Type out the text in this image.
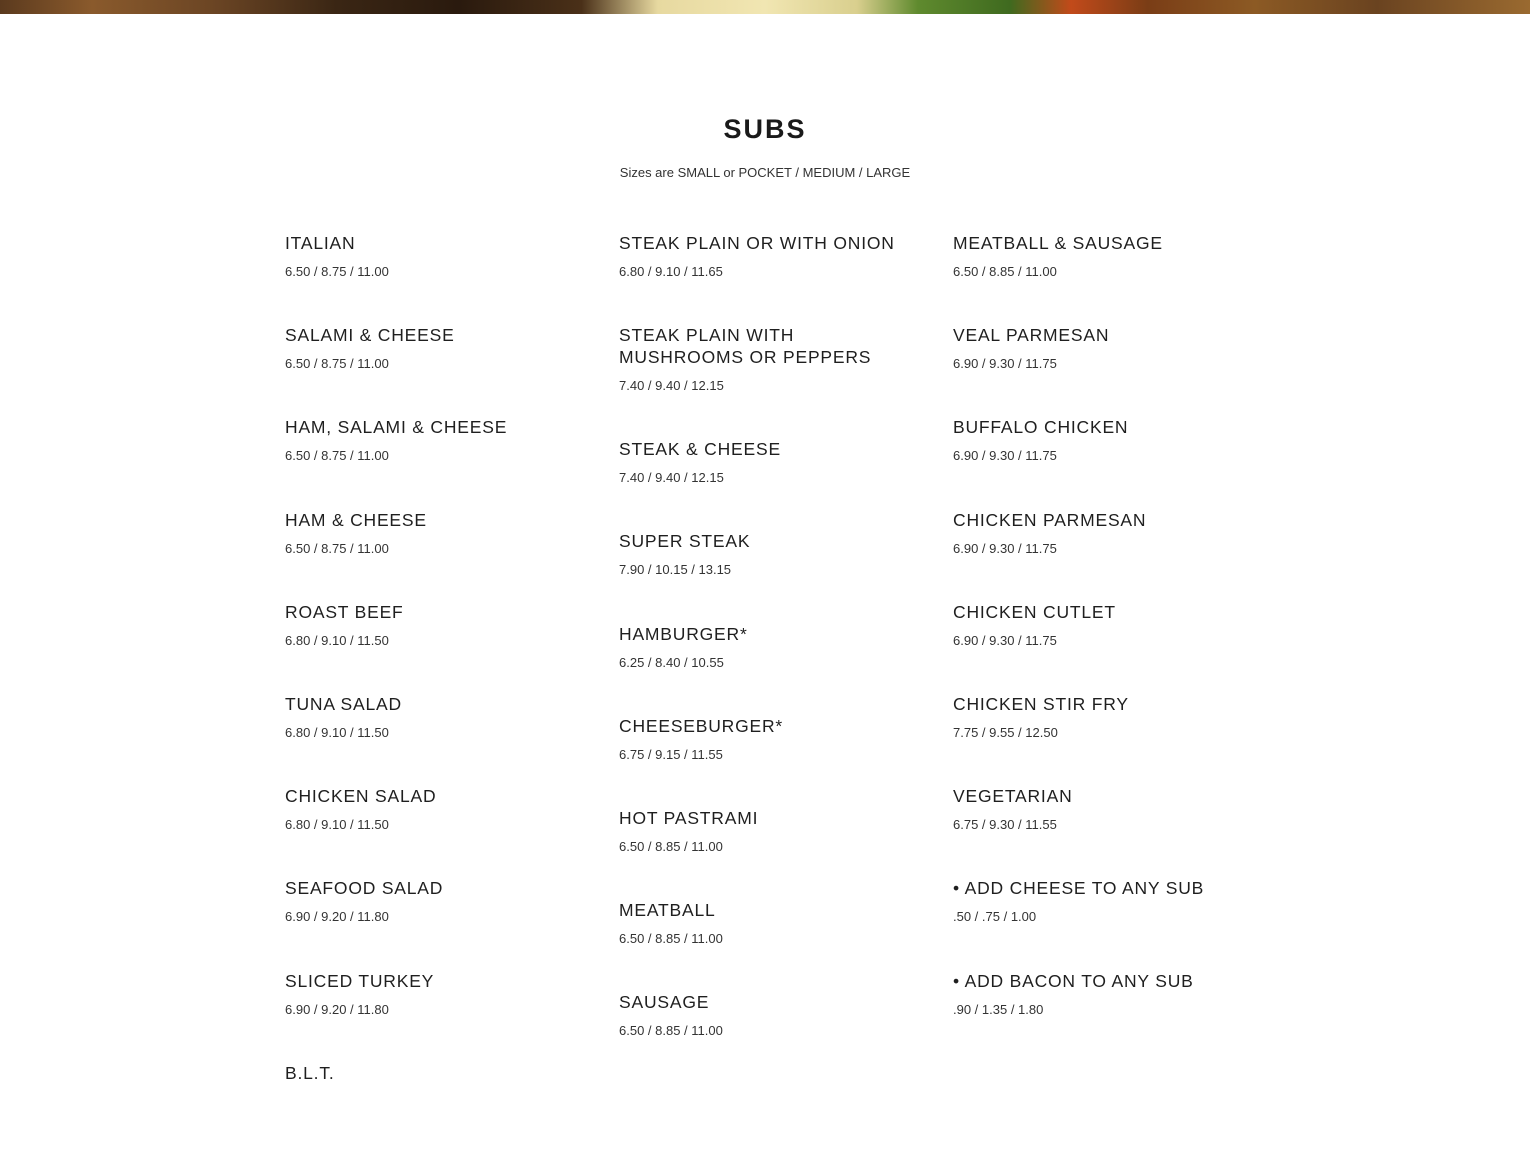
SUBS
Sizes are SMALL or POCKET / MEDIUM / LARGE
ITALIAN
6.50 / 8.75 / 11.00
SALAMI & CHEESE
6.50 / 8.75 / 11.00
HAM, SALAMI & CHEESE
6.50 / 8.75 / 11.00
HAM & CHEESE
6.50 / 8.75 / 11.00
ROAST BEEF
6.80 / 9.10 / 11.50
TUNA SALAD
6.80 / 9.10 / 11.50
CHICKEN SALAD
6.80 / 9.10 / 11.50
SEAFOOD SALAD
6.90 / 9.20 / 11.80
SLICED TURKEY
6.90 / 9.20 / 11.80
B.L.T.
STEAK PLAIN OR WITH ONION
6.80 / 9.10 / 11.65
STEAK PLAIN WITH MUSHROOMS OR PEPPERS
7.40 / 9.40 / 12.15
STEAK & CHEESE
7.40 / 9.40 / 12.15
SUPER STEAK
7.90 / 10.15 / 13.15
HAMBURGER*
6.25 / 8.40 / 10.55
CHEESEBURGER*
6.75 / 9.15 / 11.55
HOT PASTRAMI
6.50 / 8.85 / 11.00
MEATBALL
6.50 / 8.85 / 11.00
SAUSAGE
6.50 / 8.85 / 11.00
MEATBALL & SAUSAGE
6.50 / 8.85 / 11.00
VEAL PARMESAN
6.90 / 9.30 / 11.75
BUFFALO CHICKEN
6.90 / 9.30 / 11.75
CHICKEN PARMESAN
6.90 / 9.30 / 11.75
CHICKEN CUTLET
6.90 / 9.30 / 11.75
CHICKEN STIR FRY
7.75 / 9.55 / 12.50
VEGETARIAN
6.75 / 9.30 / 11.55
• ADD CHEESE TO ANY SUB
.50 / .75 / 1.00
• ADD BACON TO ANY SUB
.90 / 1.35 / 1.80
